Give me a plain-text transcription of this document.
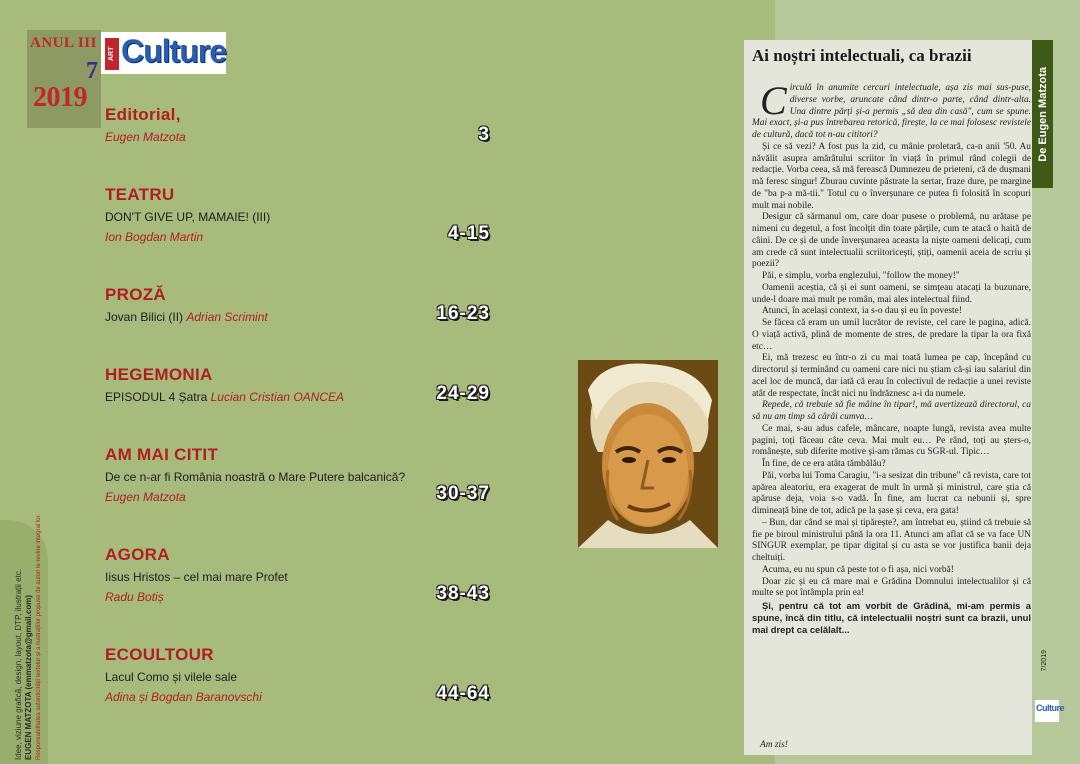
ANUL III
7
2019
ART Culture
Editorial,
Eugen Matzota	3
TEATRU
DON'T GIVE UP, MAMAIE! (III)
Ion Bogdan Martin	4-15
PROZĂ
Jovan Bilici (II) Adrian Scrimint	16-23
HEGEMONIA
EPISODUL 4 Șatra Lucian Cristian OANCEA	24-29
AM MAI CITIT
De ce n-ar fi România noastră o Mare Putere balcanică?
Eugen Matzota	30-37
AGORA
Iisus Hristos – cel mai mare Profet
Radu Botiș	38-43
ECOULTOUR
Lacul Como și vilele sale
Adina și Bogdan Baranovschi	44-64
Idee, viziune grafică, design, layout, DTP, ilustrații etc. EUGEN MATZOTA (emmatzota@gmail.com) Responsabilitatea autenticității textelor și a ilustrațiilor propuse de autori le revine integral lor.
Ai noștri intelectuali, ca brazii

Circulă în anumite cercuri intelectuale, așa zis mai sus-puse, diverse vorbe, aruncate când dintr-o parte, când dintr-alta. Una dintre părți și-a permis „să dea din casă", cum se spune. Mai exact, și-a pus întrebarea retorică, firește, la ce mai folosesc revistele de cultură, dacă tot n-au cititori?

Și ce să vezi? A fost pus la zid, cu mânie proletară, ca-n anii '50. Au năvălit asupra amărâtului scriitor în viață în primul rând colegii de redacție. Vorba ceea, să mă ferească Dumnezeu de prieteni, că de dușmani mă feresc singur! Zburau cuvinte păstrate la sertar, fraze dure, pe margine de "ba p-a mă-tii." Totul cu o înverșunare ce putea fi folosită în scopuri mult mai nobile.

Desigur că sărmanul om, care doar pusese o problemă, nu arătase pe nimeni cu degetul, a fost încolțit din toate părțile, cum te atacă o haită de câini. De ce și de unde înverșunarea aceasta la niște oameni delicați, cum am crede că sunt intelectualii scriitoricești, știți, oamenii aceia de scriu și poezii?

Păi, e simplu, vorba englezului, "follow the money!"

Oamenii aceștia, că și ei sunt oameni, se simțeau atacați la buzunare, unde-l doare mai mult pe român, mai ales intelectual fiind.

Atunci, în același context, ia s-o dau și eu în poveste!

Se făcea că eram un umil lucrător de reviste, cel care le pagina, adică. O viață activă, plină de momente de stres, de predare la tipar la ora fixă etc…

Ei, mă trezesc eu într-o zi cu mai toată lumea pe cap, începând cu directorul și terminând cu oameni care nici nu știam că-și iau salariul din acel loc de muncă, dar iată că erau în colectivul de redacție a unei reviste atât de respectate, încât nici nu îndrăznesc a-i da numele.

Repede, că trebuie să fie mâine în tipar!, mă avertizează directorul, ca să nu am timp să cârâi cumva…

Ce mai, s-au adus cafele, mâncare, noapte lungă, revista avea multe pagini, toți făceau câte ceva. Mai mult eu… Pe rând, toți au șters-o, românește, sub diferite motive și-am rămas cu SGR-ul. Tipic…

În fine, de ce era atâta tămbălău?

Păi, vorba lui Toma Caragiu, "i-a sesizat din tribune" că revista, care tot apărea aleatoriu, era exagerat de mult în urmă și ministrul, care știa că apăruse deja, voia s-o vadă. În fine, am lucrat ca nebunii și, spre dimineață bine de tot, adică pe la șase și ceva, era gata!

– Bun, dar când se mai și tipărește?, am întrebat eu, știind că trebuie să fie pe biroul ministrului până la ora 11. Atunci am aflat că se va face UN SINGUR exemplar, pe tipar digital și cu asta se vor justifica banii deja cheltuiți.

Acuma, eu nu spun că peste tot o fi așa, nici vorbă!

Doar zic și eu că mare mai e Grădina Domnului intelectualilor și că multe se pot întâmpla prin ea!

Și, pentru că tot am vorbit de Grădină, mi-am permis a spune, încă din titlu, că intelectualii noștri sunt ca brazii, unul mai drept ca celălalt...

Am zis!
De Eugen Matzota
7/2019
Culture
